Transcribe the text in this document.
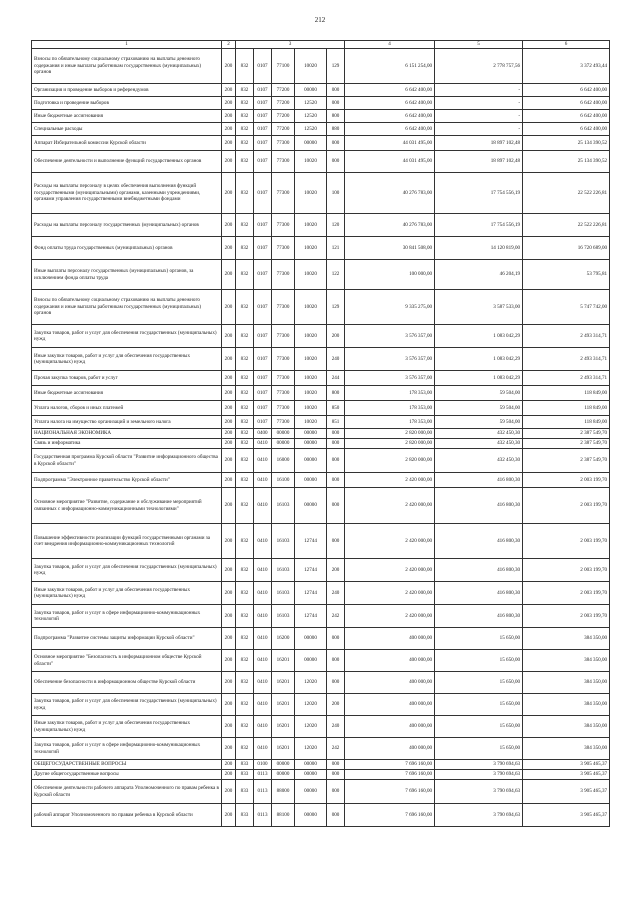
212
1	2	3					4	5	6
Взносы по обязательному социальному страхованию на выплаты денежного содержания и иные выплаты работникам государственных (муниципальных) органов	200	832	0107	77100	10020	129	6 151 254,00	2 778 757,56	3 372 493,44
Организация и проведение выборов и референдумов	200	832	0107	77200	00000	000	6 642 400,00	-	6 642 400,00
Подготовка и проведение выборов	200	832	0107	77200	12520	000	6 642 400,00	-	6 642 400,00
Иные бюджетные ассигнования	200	832	0107	77200	12520	800	6 642 400,00	-	6 642 400,00
Специальные расходы	200	832	0107	77200	12520	880	6 642 400,00	-	6 642 400,00
Аппарат Избирательной комиссии Курской области	200	832	0107	77300	00000	000	44 031 495,00	18 897 102,48	25 134 390,52
Обеспечение деятельности и выполнение функций государственных органов	200	832	0107	77300	10020	000	44 031 495,00	18 897 102,48	25 134 390,52
Расходы на выплаты персоналу в целях обеспечения выполнения функций государственными (муниципальными) органами, казенными учреждениями, органами управления государственными внебюджетными фондами	200	832	0107	77300	10020	100	40 276 783,00	17 754 556,19	22 522 226,81
Расходы на выплаты персоналу государственных (муниципальных) органов	200	832	0107	77300	10020	120	40 276 783,00	17 754 556,19	22 522 226,81
Фонд оплаты труда государственных (муниципальных) органов	200	832	0107	77300	10020	121	30 841 508,00	14 120 819,00	16 720 689,00
Иные выплаты персоналу государственных (муниципальных) органов, за исключением фонда оплаты труда	200	832	0107	77300	10020	122	100 000,00	46 204,19	53 795,81
Взносы по обязательному социальному страхованию на выплаты денежного содержания и иные выплаты работникам государственных (муниципальных) органов	200	832	0107	77300	10020	129	9 335 275,00	3 587 533,00	5 747 742,00
Закупка товаров, работ и услуг для обеспечения государственных (муниципальных) нужд	200	832	0107	77300	10020	200	3 576 357,00	1 083 042,29	2 493 314,71
Иные закупки товаров, работ и услуг для обеспечения государственных (муниципальных) нужд	200	832	0107	77300	10020	240	3 576 357,00	1 083 042,29	2 493 314,71
Прочая закупка товаров, работ и услуг	200	832	0107	77300	10020	244	3 576 357,00	1 083 042,29	2 493 314,71
Иные бюджетные ассигнования	200	832	0107	77300	10020	800	178 353,00	59 504,00	118 849,00
Уплата налогов, сборов и иных платежей	200	832	0107	77300	10020	850	178 353,00	59 504,00	118 849,00
Уплата налога на имущество организаций и земельного налога	200	832	0107	77300	10020	851	178 353,00	59 504,00	118 849,00
НАЦИОНАЛЬНАЯ ЭКОНОМИКА	200	832	0400	00000	00000	000	2 820 000,00	432 450,30	2 387 549,70
Связь и информатика	200	832	0410	00000	00000	000	2 820 000,00	432 450,30	2 387 549,70
Государственная программа Курской области "Развитие информационного общества в Курской области"	200	832	0410	16000	00000	000	2 820 000,00	432 450,30	2 387 549,70
Подпрограмма "Электронное правительство Курской области"	200	832	0410	16100	00000	000	2 420 000,00	416 800,30	2 003 199,70
Основное мероприятие "Развитие, содержание и обслуживание мероприятий связанных с информационно-коммуникационными технологиями"	200	832	0410	16103	00000	000	2 420 000,00	416 800,30	2 003 199,70
Повышение эффективности реализации функций государственными органами за счет внедрения информационно-коммуникационных технологий	200	832	0410	16103	12744	000	2 420 000,00	416 800,30	2 003 199,70
Закупка товаров, работ и услуг для обеспечения государственных (муниципальных) нужд	200	832	0410	16103	12744	200	2 420 000,00	416 800,30	2 003 199,70
Иные закупки товаров, работ и услуг для обеспечения государственных (муниципальных) нужд	200	832	0410	16103	12744	240	2 420 000,00	416 800,30	2 003 199,70
Закупка товаров, работ и услуг в сфере информационно-коммуникационных технологий	200	832	0410	16103	12744	242	2 420 000,00	416 800,30	2 003 199,70
Подпрограмма "Развитие системы защиты информации Курской области"	200	832	0410	16200	00000	000	400 000,00	15 650,00	384 350,00
Основное мероприятие "Безопасность в информационном обществе Курской области"	200	832	0410	16201	00000	000	400 000,00	15 650,00	384 350,00
Обеспечение безопасности в информационном обществе Курской области	200	832	0410	16201	12020	000	400 000,00	15 650,00	384 350,00
Закупка товаров, работ и услуг для обеспечения государственных (муниципальных) нужд	200	832	0410	16201	12020	200	400 000,00	15 650,00	384 350,00
Иные закупки товаров, работ и услуг для обеспечения государственных (муниципальных) нужд	200	832	0410	16201	12020	240	400 000,00	15 650,00	384 350,00
Закупка товаров, работ и услуг в сфере информационно-коммуникационных технологий	200	832	0410	16201	12020	242	400 000,00	15 650,00	384 350,00
ОБЩЕГОСУДАРСТВЕННЫЕ ВОПРОСЫ	200	833	0100	00000	00000	000	7 696 160,00	3 790 694,63	3 905 465,37
Другие общегосударственные вопросы	200	833	0113	00000	00000	000	7 696 160,00	3 790 694,63	3 905 465,37
Обеспечение деятельности рабочего аппарата Уполномоченного по правам ребенка в Курской области	200	833	0113	88000	00000	000	7 696 160,00	3 790 694,63	3 905 465,37
рабочий аппарат Уполномоченного по правам ребенка в Курской области	200	833	0113	88100	00000	000	7 696 160,00	3 790 694,63	3 905 465,37
